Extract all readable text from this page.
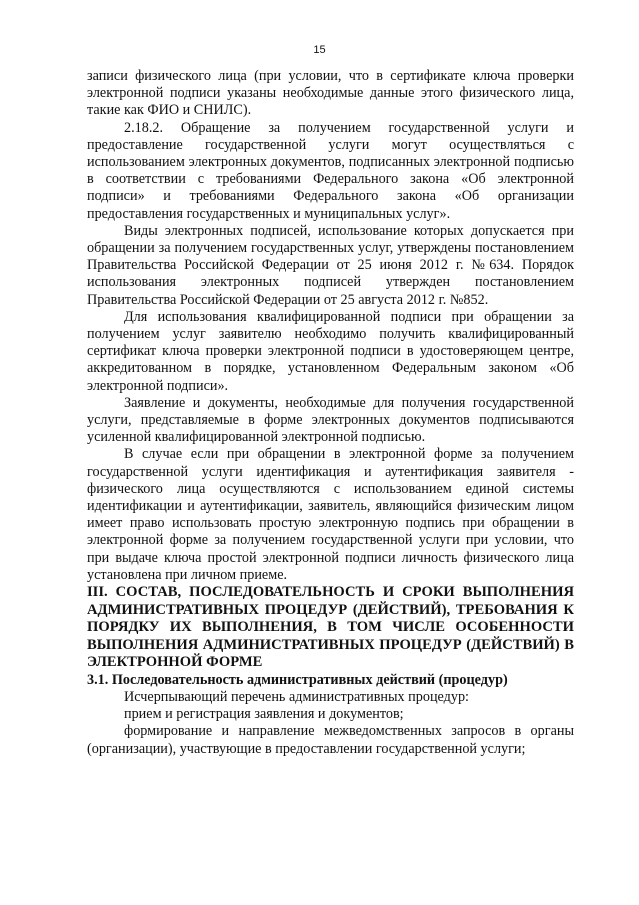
15

записи физического лица (при условии, что в сертификате ключа проверки электронной подписи указаны необходимые данные этого физического лица, такие как ФИО и СНИЛС).

2.18.2. Обращение за получением государственной услуги и предоставление государственной услуги могут осуществляться с использованием электронных документов, подписанных электронной подписью в соответствии с требованиями Федерального закона «Об электронной подписи» и требованиями Федерального закона «Об организации предоставления государственных и муниципальных услуг».

Виды электронных подписей, использование которых допускается при обращении за получением государственных услуг, утверждены постановлением Правительства Российской Федерации от 25 июня 2012 г. №634. Порядок использования электронных подписей утвержден постановлением Правительства Российской Федерации от 25 августа 2012 г. №852.

Для использования квалифицированной подписи при обращении за получением услуг заявителю необходимо получить квалифицированный сертификат ключа проверки электронной подписи в удостоверяющем центре, аккредитованном в порядке, установленном Федеральным законом «Об электронной подписи».

Заявление и документы, необходимые для получения государственной услуги, представляемые в форме электронных документов подписываются усиленной квалифицированной электронной подписью.

В случае если при обращении в электронной форме за получением государственной услуги идентификация и аутентификация заявителя - физического лица осуществляются с использованием единой системы идентификации и аутентификации, заявитель, являющийся физическим лицом имеет право использовать простую электронную подпись при обращении в электронной форме за получением государственной услуги при условии, что при выдаче ключа простой электронной подписи личность физического лица установлена при личном приеме.

III. СОСТАВ, ПОСЛЕДОВАТЕЛЬНОСТЬ И СРОКИ ВЫПОЛНЕНИЯ АДМИНИСТРАТИВНЫХ ПРОЦЕДУР (ДЕЙСТВИЙ), ТРЕБОВАНИЯ К ПОРЯДКУ ИХ ВЫПОЛНЕНИЯ, В ТОМ ЧИСЛЕ ОСОБЕННОСТИ ВЫПОЛНЕНИЯ АДМИНИСТРАТИВНЫХ ПРОЦЕДУР (ДЕЙСТВИЙ) В ЭЛЕКТРОННОЙ ФОРМЕ

3.1. Последовательность административных действий (процедур)

Исчерпывающий перечень административных процедур:

прием и регистрация заявления и документов;

формирование и направление межведомственных запросов в органы (организации), участвующие в предоставлении государственной услуги;
